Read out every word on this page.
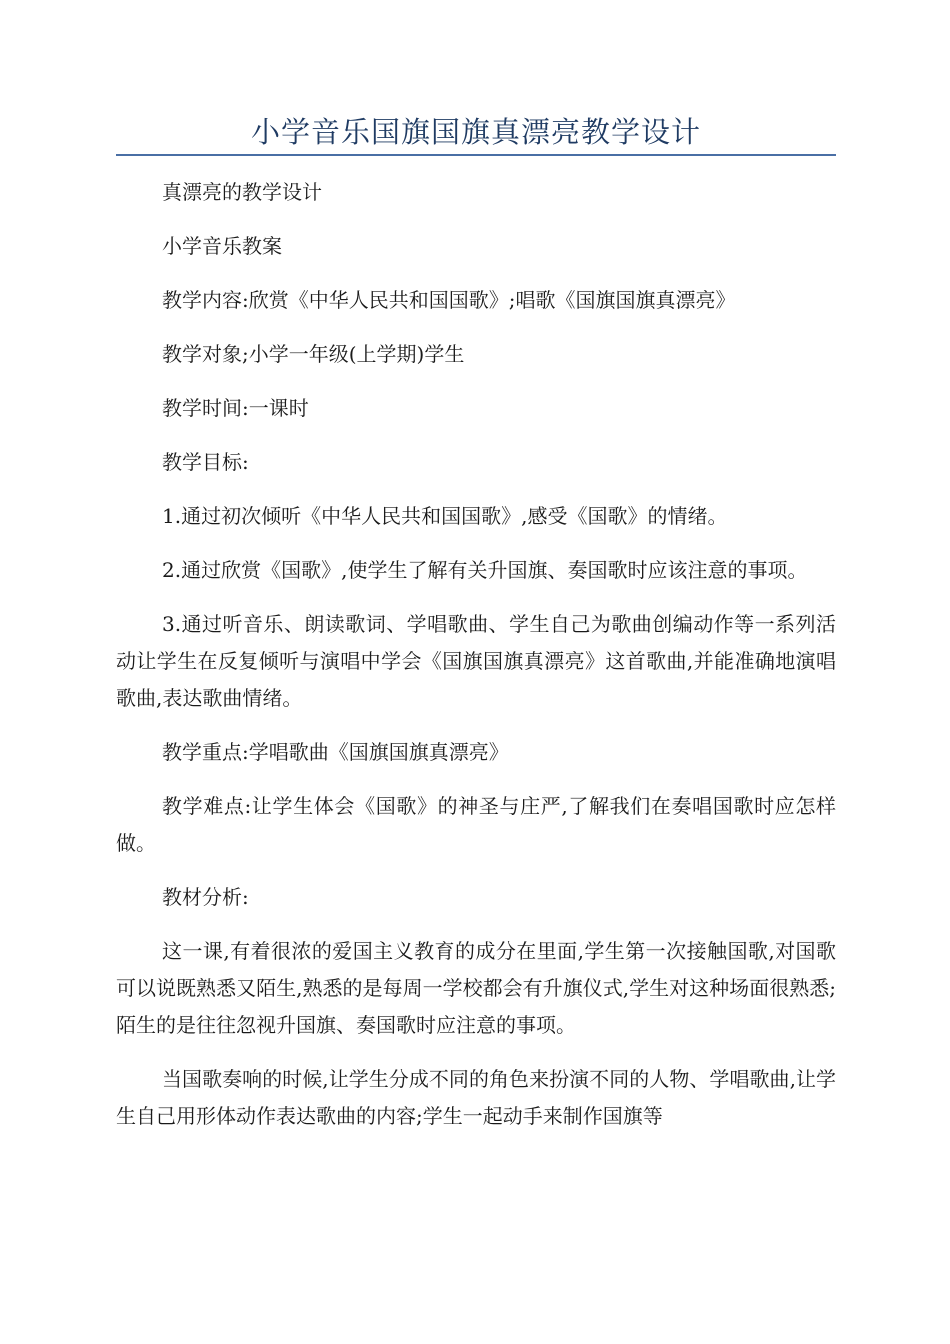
小学音乐国旗国旗真漂亮教学设计

真漂亮的教学设计

小学音乐教案

教学内容:欣赏《中华人民共和国国歌》;唱歌《国旗国旗真漂亮》

教学对象;小学一年级(上学期)学生

教学时间:一课时

教学目标:

1.通过初次倾听《中华人民共和国国歌》,感受《国歌》的情绪。

2.通过欣赏《国歌》,使学生了解有关升国旗、奏国歌时应该注意的事项。

3.通过听音乐、朗读歌词、学唱歌曲、学生自己为歌曲创编动作等一系列活动让学生在反复倾听与演唱中学会《国旗国旗真漂亮》这首歌曲,并能准确地演唱歌曲,表达歌曲情绪。

教学重点:学唱歌曲《国旗国旗真漂亮》

教学难点:让学生体会《国歌》的神圣与庄严,了解我们在奏唱国歌时应怎样做。

教材分析:

这一课,有着很浓的爱国主义教育的成分在里面,学生第一次接触国歌,对国歌可以说既熟悉又陌生,熟悉的是每周一学校都会有升旗仪式,学生对这种场面很熟悉;陌生的是往往忽视升国旗、奏国歌时应注意的事项。

当国歌奏响的时候,让学生分成不同的角色来扮演不同的人物、学唱歌曲,让学生自己用形体动作表达歌曲的内容;学生一起动手来制作国旗等
